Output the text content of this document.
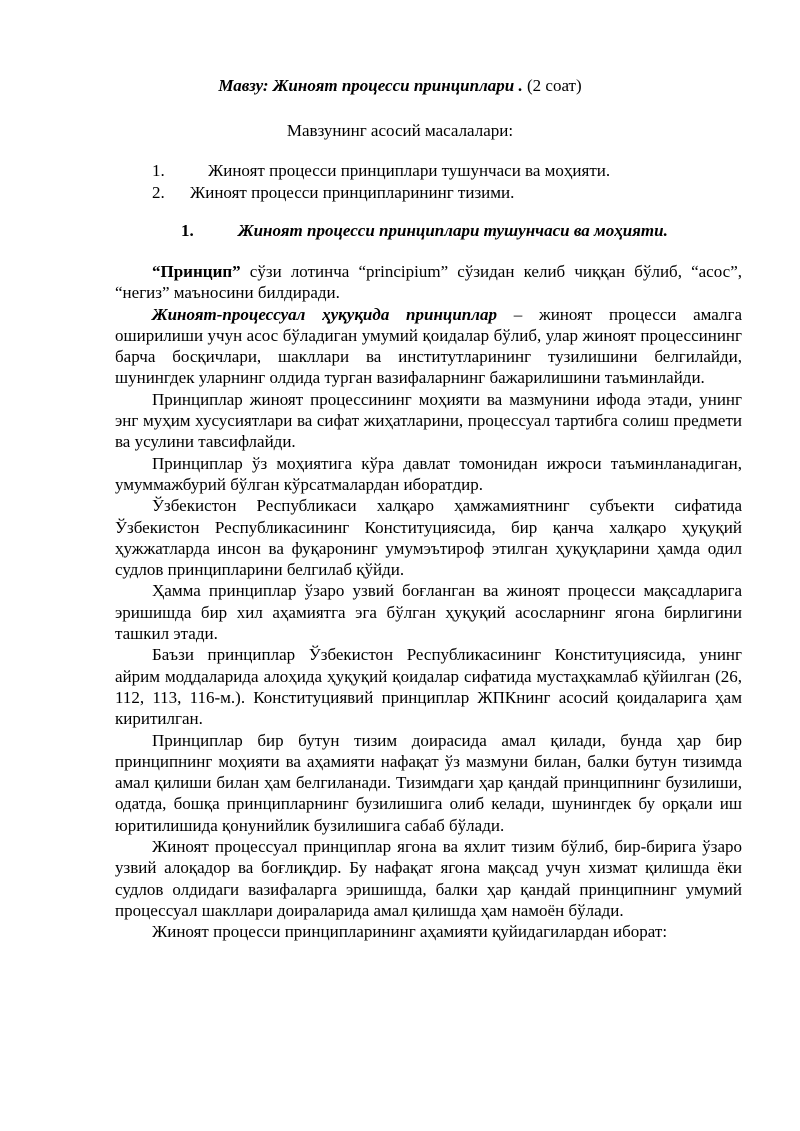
Мавзу: Жиноят процесси принциплари . (2 соат)
Мавзунинг асосий масалалари:
1.	Жиноят процесси принциплари тушунчаси ва моҳияти.
2. Жиноят процесси принципларининг тизими.
1.	Жиноят процесси принциплари тушунчаси ва моҳияти.

“Принцип” сўзи лотинча “principium” сўзидан келиб чиққан бўлиб, “асос”, “негиз” маъносини билдиради.

Жиноят-процессуал ҳуқуқида принциплар – жиноят процесси амалга оширилиши учун асос бўладиган умумий қоидалар бўлиб, улар жиноят процессининг барча босқичлари, шакллари ва институтларининг тузилишини белгилайди, шунингдек уларнинг олдида турган вазифаларнинг бажарилишини таъминлайди.

Принциплар жиноят процессининг моҳияти ва мазмунини ифода этади, унинг энг муҳим хусусиятлари ва сифат жиҳатларини, процессуал тартибга солиш предмети ва усулини тавсифлайди.

Принциплар ўз моҳиятига кўра давлат томонидан ижроси таъминланадиган, умуммажбурий бўлган кўрсатмалардан иборатдир.

Ўзбекистон Республикаси халқаро ҳамжамиятнинг субъекти сифатида Ўзбекистон Республикасининг Конституциясида, бир қанча халқаро ҳуқуқий ҳужжатларда инсон ва фуқаронинг умумэътироф этилган ҳуқуқларини ҳамда одил судлов принципларини белгилаб қўйди.

Ҳамма принциплар ўзаро узвий боғланган ва жиноят процесси мақсадларига эришишда бир хил аҳамиятга эга бўлган ҳуқуқий асосларнинг ягона бирлигини ташкил этади.

Баъзи принциплар Ўзбекистон Республикасининг Конституциясида, унинг айрим моддаларида алоҳида ҳуқуқий қоидалар сифатида мустаҳкамлаб қўйилган (26, 112, 113, 116-м.). Конституциявий принциплар ЖПКнинг асосий қоидаларига ҳам киритилган.

Принциплар бир бутун тизим доирасида амал қилади, бунда ҳар бир принципнинг моҳияти ва аҳамияти нафақат ўз мазмуни билан, балки бутун тизимда амал қилиши билан ҳам белгиланади. Тизимдаги ҳар қандай принципнинг бузилиши, одатда, бошқа принципларнинг бузилишига олиб келади, шунингдек бу орқали иш юритилишида қонунийлик бузилишига сабаб бўлади.

Жиноят процессуал принциплар ягона ва яхлит тизим бўлиб, бир-бирига ўзаро узвий алоқадор ва боғлиқдир. Бу нафақат ягона мақсад учун хизмат қилишда ёки судлов олдидаги вазифаларга эришишда, балки ҳар қандай принципнинг умумий процессуал шакллари доираларида амал қилишда ҳам намоён бўлади.

Жиноят процесси принципларининг аҳамияти қуйидагилардан иборат:
